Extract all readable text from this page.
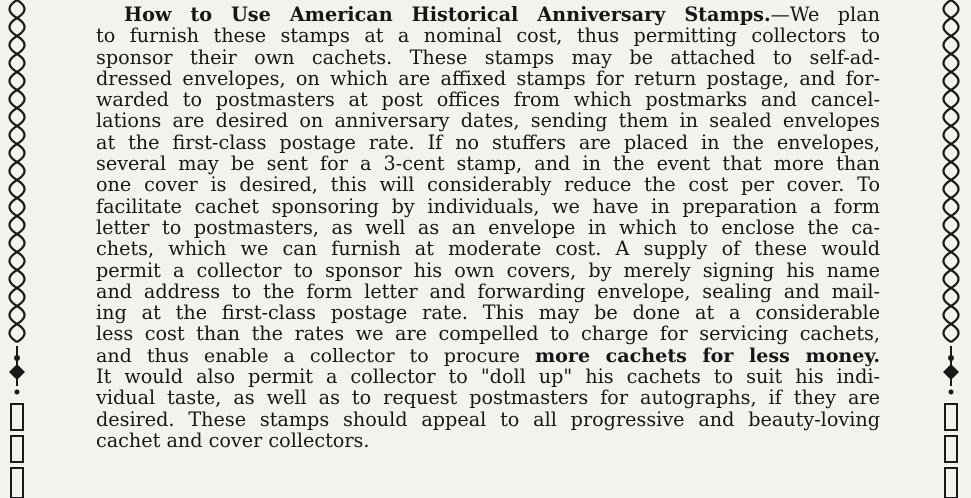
How to Use American Historical Anniversary Stamps.—We plan
to furnish these stamps at a nominal cost, thus permitting collectors to
sponsor their own cachets. These stamps may be attached to self-ad-
dressed envelopes, on which are affixed stamps for return postage, and for-
warded to postmasters at post offices from which postmarks and cancel-
lations are desired on anniversary dates, sending them in sealed envelopes
at the first-class postage rate. If no stuffers are placed in the envelopes,
several may be sent for a 3-cent stamp, and in the event that more than
one cover is desired, this will considerably reduce the cost per cover. To
facilitate cachet sponsoring by individuals, we have in preparation a form
letter to postmasters, as well as an envelope in which to enclose the ca-
chets, which we can furnish at moderate cost. A supply of these would
permit a collector to sponsor his own covers, by merely signing his name
and address to the form letter and forwarding envelope, sealing and mail-
ing at the first-class postage rate. This may be done at a considerable
less cost than the rates we are compelled to charge for servicing cachets,
and thus enable a collector to procure more cachets for less money.
It would also permit a collector to "doll up" his cachets to suit his indi-
vidual taste, as well as to request postmasters for autographs, if they are
desired. These stamps should appeal to all progressive and beauty-loving
cachet and cover collectors.
